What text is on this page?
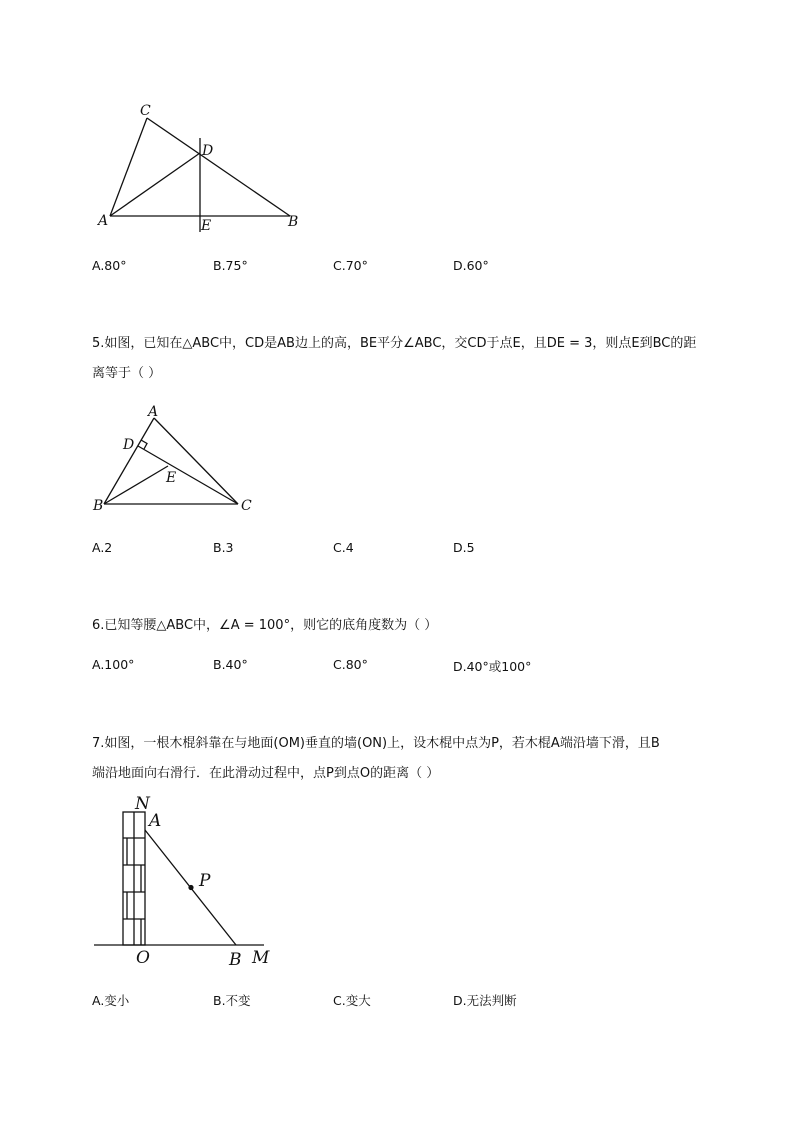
C
D
A	E	B
A.80°	B.75°	C.70°	D.60°
5.如图，已知在△ABC中，CD是AB边上的高，BE平分∠ABC，交CD于点E，且DE = 3，则点E到BC的距
离等于（ ）
A
D
E
B	C
A.2	B.3	C.4	D.5
6.已知等腰△ABC中，∠A = 100°，则它的底角度数为（ ）
A.100°	B.40°	C.80°	D.40°或100°
7.如图，一根木棍斜靠在与地面(OM)垂直的墙(ON)上，设木棍中点为P，若木棍A端沿墙下滑，且B
端沿地面向右滑行．在此滑动过程中，点P到点O的距离（ ）
N
A
P
O	B M
A.变小	B.不变	C.变大	D.无法判断
